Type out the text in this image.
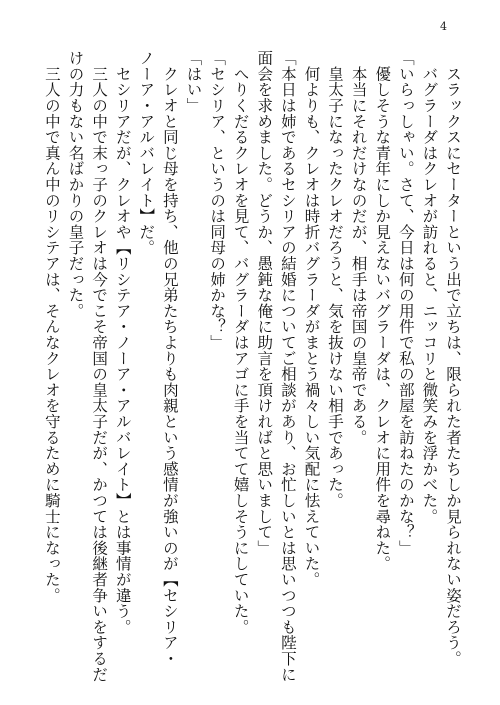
4

　スラックスにセーターという出で立ちは、限られた者たちしか見られない姿だろう。

　バグラーダはクレオが訪れると、ニッコリと微笑みを浮かべた。

「いらっしゃい。さて、今日は何の用件で私の部屋を訪ねたのかな？」

　優しそうな青年にしか見えないバグラーダは、クレオに用件を尋ねた。

　本当にそれだけなのだが、相手は帝国の皇帝である。

　皇太子になったクレオだろうと、気を抜けない相手であった。

　何よりも、クレオは時折バグラーダがまとう禍々しい気配に怯えていた。

「本日は姉であるセシリアの結婚についてご相談があり、お忙しいとは思いつつも陛下に

面会を求めました。どうか、愚鈍な俺に助言を頂ければと思いまして」

　へりくだるクレオを見て、バグラーダはアゴに手を当てて嬉しそうにしていた。

「セシリア、というのは同母の姉かな？」

「はい」

　クレオと同じ母を持ち、他の兄弟たちよりも肉親という感情が強いのが【セシリア・

ノーア・アルバレイト】だ。

　セシリアだが、クレオや【リシテア・ノーア・アルバレイト】とは事情が違う。

　三人の中で末っ子のクレオは今でこそ帝国の皇太子だが、かつては後継者争いをするだ

けの力もない名ばかりの皇子だった。

　三人の中で真ん中のリシテアは、そんなクレオを守るために騎士になった。
